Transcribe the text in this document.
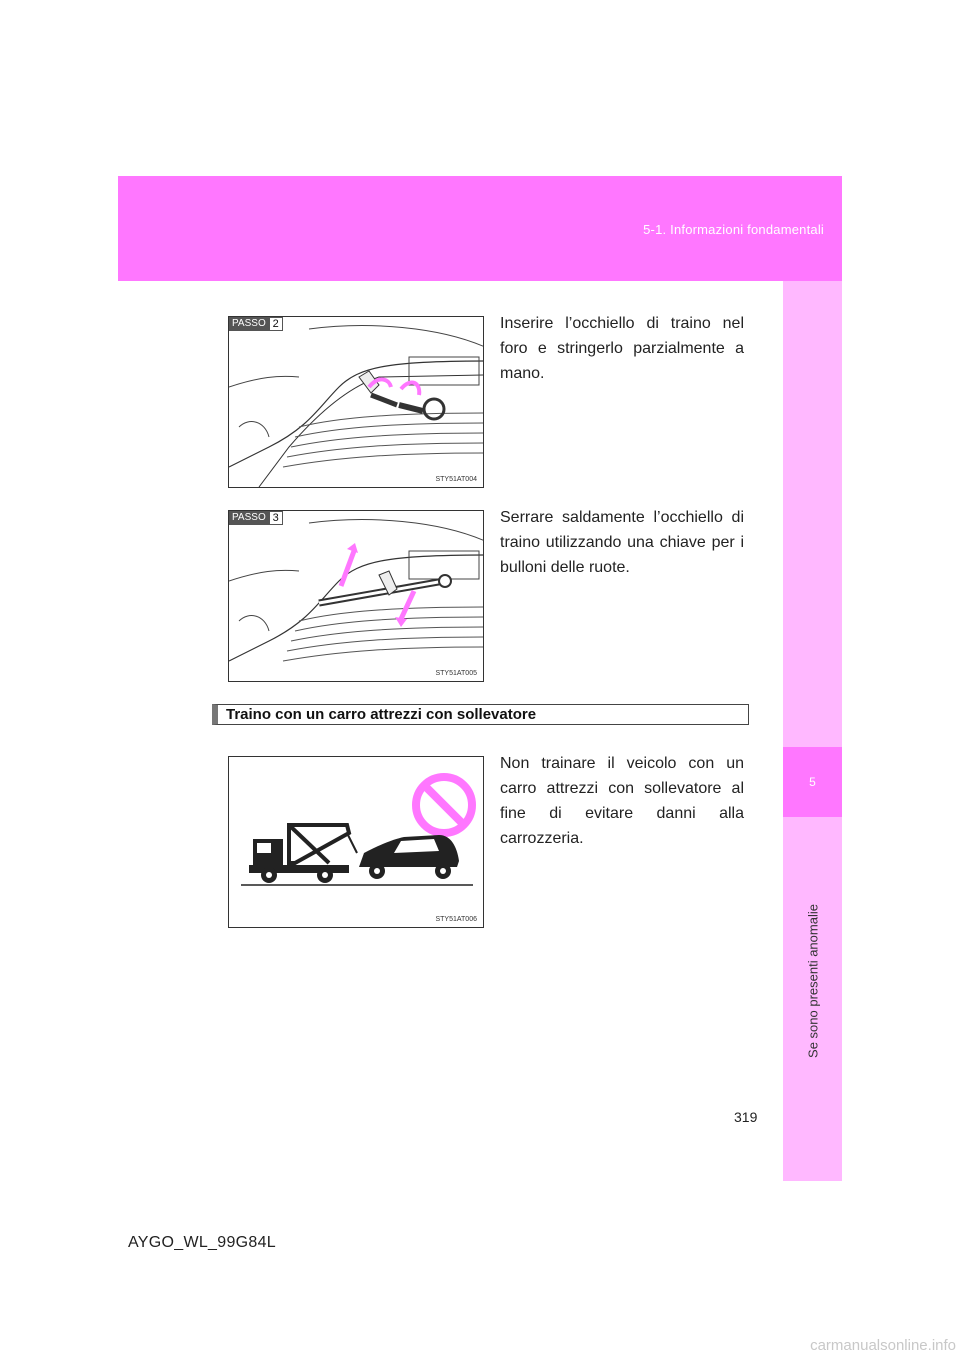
5-1. Informazioni fondamentali
5
Se sono presenti anomalie
PASSO 2
STY51AT004
Inserire l’occhiello di traino nel foro e stringerlo parzialmente a mano.
PASSO 3
STY51AT005
Serrare saldamente l’occhiello di traino utilizzando una chiave per i bulloni delle ruote.
Traino con un carro attrezzi con sollevatore
STY51AT006
Non trainare il veicolo con un carro attrezzi con sollevatore al fine di evitare danni alla carrozzeria.
319
AYGO_WL_99G84L
carmanualsonline.info
